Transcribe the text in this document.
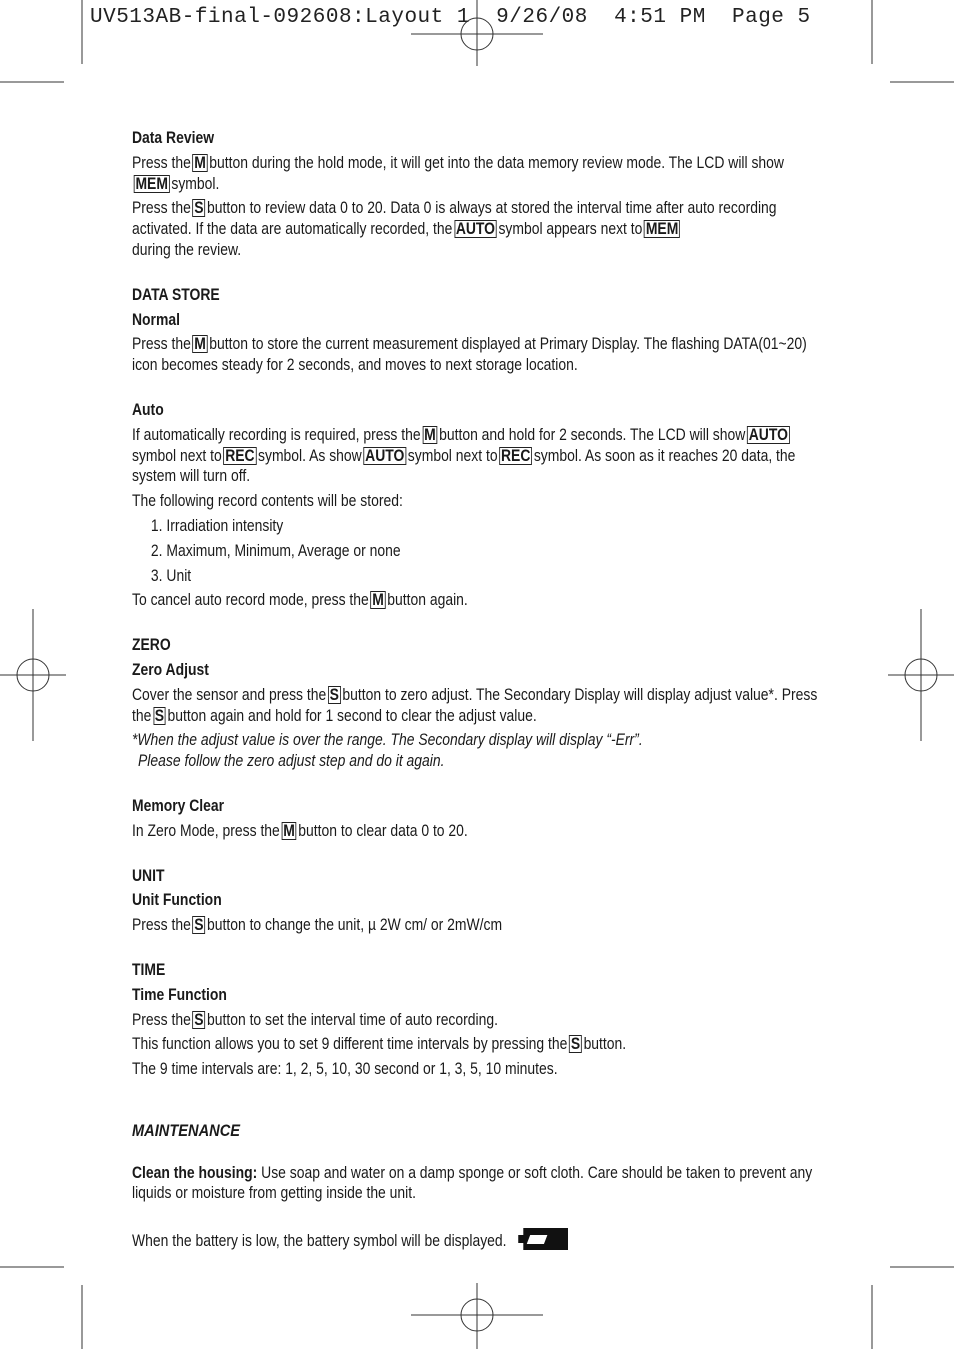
UV513AB-final-092608:Layout 1  9/26/08  4:51 PM  Page 5

Data Review

Press the M button during the hold mode, it will get into the data memory review mode. The LCD will showMEM symbol.

Press the S button to review data 0 to 20. Data 0 is always at stored the interval time after auto recording activated. If the data are automatically recorded, the AUTO symbol appears next to MEM
during the review.

DATA STORE

Normal

Press the M button to store the current measurement displayed at Primary Display. The flashing DATA(01~20) icon becomes steady for 2 seconds, and moves to next storage location.

Auto

If automatically recording is required, press the M button and hold for 2 seconds. The LCD will show AUTOsymbol next to REC symbol. As show AUTO symbol next to REC symbol. As soon as it reaches 20 data, the system will turn off.

The following record contents will be stored:

1. Irradiation intensity

2. Maximum, Minimum, Average or none

3. Unit

To cancel auto record mode, press the M button again.

ZERO

Zero Adjust

Cover the sensor and press the S button to zero adjust. The Secondary Display will display adjust value*. Press the S button again and hold for 1 second to clear the adjust value.

*When the adjust value is over the range. The Secondary display will display “-Err”.

Please follow the zero adjust step and do it again.

Memory Clear

In Zero Mode, press the M button to clear data 0 to 20.

UNIT

Unit Function

Press the S button to change the unit, µ 2W cm/ or 2mW/cm

TIME

Time Function

Press the S button to set the interval time of auto recording.

This function allows you to set 9 different time intervals by pressing the S button.

The 9 time intervals are: 1, 2, 5, 10, 30 second or 1, 3, 5, 10 minutes.

MAINTENANCE

Clean the housing: Use soap and water on a damp sponge or soft cloth. Care should be taken to prevent any liquids or moisture from getting inside the unit.

When the battery is low, the battery symbol will be displayed.
